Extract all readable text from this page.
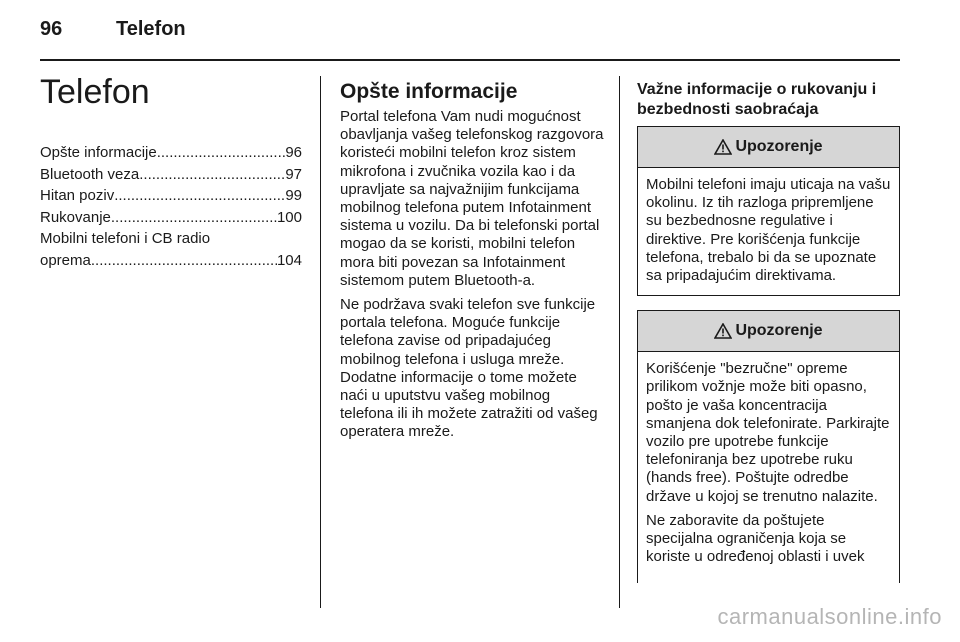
96	Telefon
Telefon
Opšte informacije .....	96
Bluetooth veza .....	97
Hitan poziv .....	99
Rukovanje .....	100
Mobilni telefoni i CB radio
oprema .....	104
Opšte informacije

Portal telefona Vam nudi mogućnost obavljanja vašeg telefonskog razgovora koristeći mobilni telefon kroz sistem mikrofona i zvučnika vozila kao i da upravljate sa najvažnijim funkcijama mobilnog telefona putem Infotainment sistema u vozilu. Da bi telefonski portal mogao da se koristi, mobilni telefon mora biti povezan sa Infotainment sistemom putem Bluetooth-a.

Ne podržava svaki telefon sve funkcije portala telefona. Moguće funkcije telefona zavise od pripadajućeg mobilnog telefona i usluga mreže. Dodatne informacije o tome možete naći u uputstvu vašeg mobilnog telefona ili ih možete zatražiti od vašeg operatera mreže.

Važne informacije o rukovanju i bezbednosti saobraćaja
Upozorenje

Mobilni telefoni imaju uticaja na vašu okolinu. Iz tih razloga pripremljene su bezbednosne regulative i direktive. Pre korišćenja funkcije telefona, trebalo bi da se upoznate sa pripadajućim direktivama.

Upozorenje

Korišćenje "bezručne" opreme prilikom vožnje može biti opasno, pošto je vaša koncentracija smanjena dok telefonirate. Parkirajte vozilo pre upotrebe funkcije telefoniranja bez upotrebe ruku (hands free). Poštujte odredbe države u kojoj se trenutno nalazite.

Ne zaboravite da poštujete specijalna ograničenja koja se koriste u određenoj oblasti i uvek

carmanualsonline.info
